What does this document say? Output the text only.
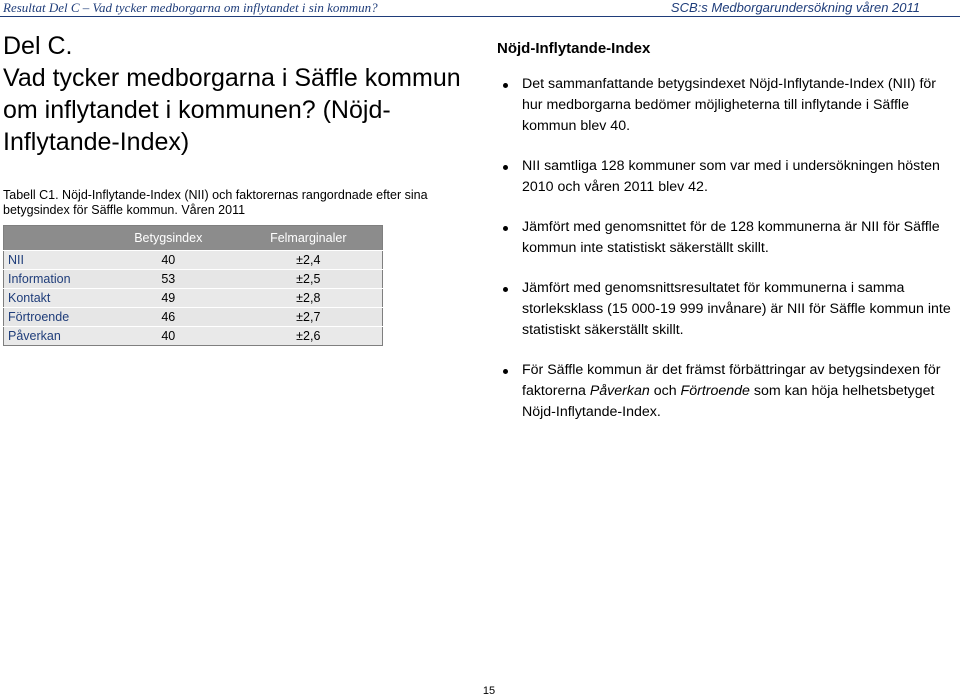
Resultat Del C – Vad tycker medborgarna om inflytandet i sin kommun?	SCB:s Medborgarundersökning våren 2011
Del C.
Vad tycker medborgarna i Säffle kommun om inflytandet i kommunen? (Nöjd-Inflytande-Index)
Tabell C1. Nöjd-Inflytande-Index (NII) och faktorernas rangordnade efter sina betygsindex för Säffle kommun. Våren 2011
	Betygsindex	Felmarginaler
NII	40	±2,4
Information	53	±2,5
Kontakt	49	±2,8
Förtroende	46	±2,7
Påverkan	40	±2,6
Nöjd-Inflytande-Index
Det sammanfattande betygsindexet Nöjd-Inflytande-Index (NII) för hur medborgarna bedömer möjligheterna till inflytande i Säffle kommun blev 40.
NII samtliga 128 kommuner som var med i undersökningen hösten 2010 och våren 2011 blev 42.
Jämfört med genomsnittet för de 128 kommunerna är NII för Säffle kommun inte statistiskt säkerställt skillt.
Jämfört med genomsnittsresultatet för kommunerna i samma storleksklass (15 000-19 999 invånare) är NII för Säffle kommun inte statistiskt säkerställt skillt.
För Säffle kommun är det främst förbättringar av betygsindexen för faktorerna Påverkan och Förtroende som kan höja helhetsbetyget Nöjd-Inflytande-Index.
15
